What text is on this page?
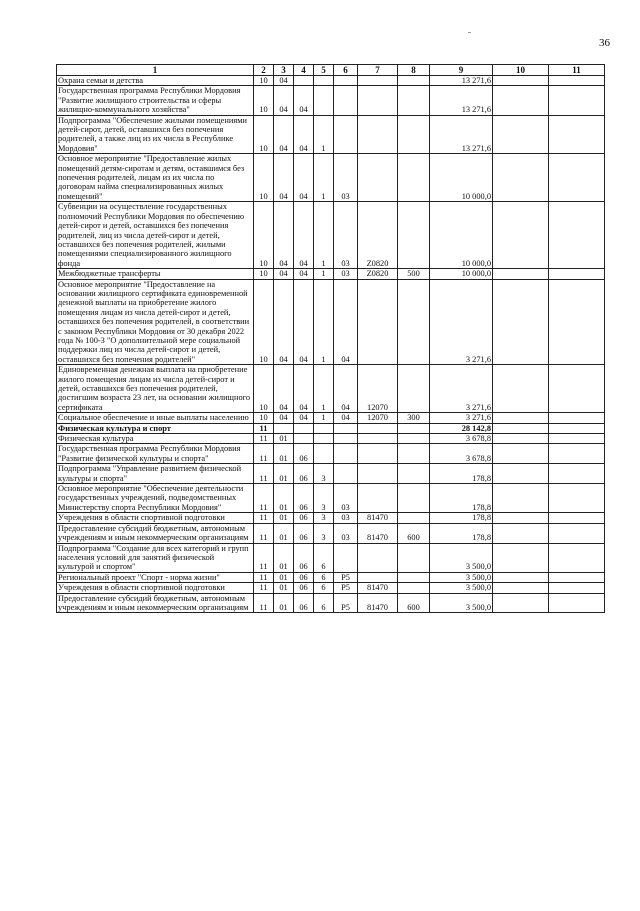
36
1	2	3	4	5	6	7	8	9	10	11
Охрана семьи и детства	10	04						13 271,6		
Государственная программа Республики Мордовия "Развитие жилищного строительства и сферы жилищно-коммунального хозяйства"	10	04	04					13 271,6		
Подпрограмма "Обеспечение жилыми помещениями детей-сирот, детей, оставшихся без попечения родителей, а также лиц из их числа в Республике Мордовия"	10	04	04	1				13 271,6		
Основное мероприятие "Предоставление жилых помещений детям-сиротам и детям, оставшимся без попечения родителей, лицам из их числа по договорам найма специализированных жилых помещений"	10	04	04	1	03			10 000,0		
Субвенции на осуществление государственных полномочий Республики Мордовия по обеспечению детей-сирот и детей, оставшихся без попечения родителей, лиц из числа детей-сирот и детей, оставшихся без попечения родителей, жилыми помещениями специализированного жилищного фонда	10	04	04	1	03	Z0820		10 000,0		
Межбюджетные трансферты	10	04	04	1	03	Z0820	500	10 000,0		
Основное мероприятие "Предоставление на основании жилищного сертификата единовременной денежной выплаты на приобретение жилого помещения лицам из числа детей-сирот и детей, оставшихся без попечения родителей, в соответствии с законом Республики Мордовия от 30 декабря 2022 года № 100-З "О дополнительной мере социальной поддержки лиц из числа детей-сирот и детей, оставшихся без попечения родителей"	10	04	04	1	04			3 271,6		
Единовременная денежная выплата на приобретение жилого помещения лицам из числа детей-сирот и детей, оставшихся без попечения родителей, достигшим возраста 23 лет, на основании жилищного сертификата	10	04	04	1	04	12070		3 271,6		
Социальное обеспечение и иные выплаты населению	10	04	04	1	04	12070	300	3 271,6		
Физическая культура и спорт	11							28 142,8		
Физическая культура	11	01						3 678,8		
Государственная программа Республики Мордовия "Развитие физической культуры и спорта"	11	01	06					3 678,8		
Подпрограмма "Управление развитием физической культуры и спорта"	11	01	06	3				178,8		
Основное мероприятие "Обеспечение деятельности государственных учреждений, подведомственных Министерству спорта Республики Мордовия"	11	01	06	3	03			178,8		
Учреждения в области спортивной подготовки	11	01	06	3	03	81470		178,8		
Предоставление субсидий бюджетным, автономным учреждениям и иным некоммерческим организациям	11	01	06	3	03	81470	600	178,8		
Подпрограмма "Создание для всех категорий и групп населения условий для занятий физической культурой и спортом"	11	01	06	6				3 500,0		
Региональный проект "Спорт - норма жизни"	11	01	06	6	P5			3 500,0		
Учреждения в области спортивной подготовки	11	01	06	6	P5	81470		3 500,0		
Предоставление субсидий бюджетным, автономным учреждениям и иным некоммерческим организациям	11	01	06	6	P5	81470	600	3 500,0		
